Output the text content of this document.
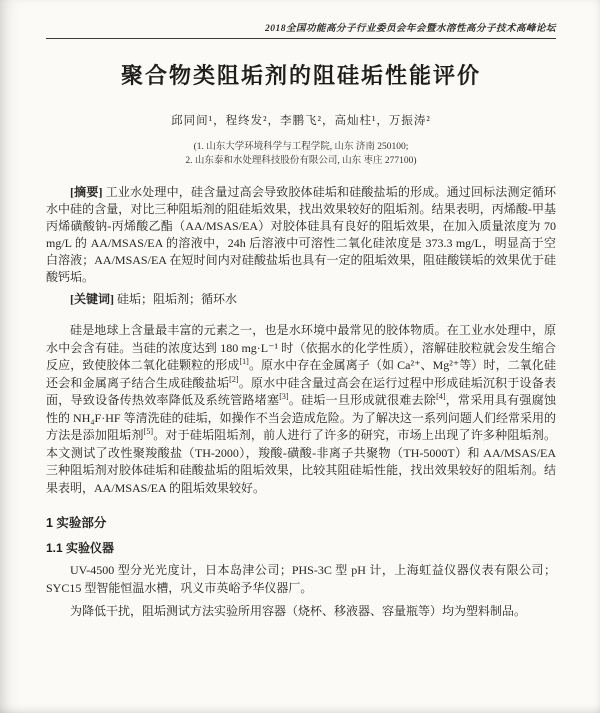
2018全国功能高分子行业委员会年会暨水溶性高分子技术高峰论坛
聚合物类阻垢剂的阻硅垢性能评价
邱同间¹，程终发²，李鹏飞²，高灿柱¹，万振涛²
(1. 山东大学环境科学与工程学院, 山东 济南 250100;
2. 山东泰和水处理科技股份有限公司, 山东 枣庄 277100)

[摘要] 工业水处理中，硅含量过高会导致胶体硅垢和硅酸盐垢的形成。通过回标法测定循环水中硅的含量，对比三种阻垢剂的阻硅垢效果，找出效果较好的阻垢剂。结果表明，丙烯酸-甲基丙烯磺酸钠-丙烯酸乙酯（AA/MSAS/EA）对胶体硅具有良好的阻垢效果，在加入质量浓度为 70 mg/L 的 AA/MSAS/EA 的溶液中，24h 后溶液中可溶性二氧化硅浓度是 373.3 mg/L，明显高于空白溶液；AA/MSAS/EA 在短时间内对硅酸盐垢也具有一定的阻垢效果，阻硅酸镁垢的效果优于硅酸钙垢。

[关键词] 硅垢；阻垢剂；循环水

硅是地球上含量最丰富的元素之一，也是水环境中最常见的胶体物质。在工业水处理中，原水中会含有硅。当硅的浓度达到 180 mg·L⁻¹ 时（依据水的化学性质），溶解硅胶粒就会发生缩合反应，致使胶体二氧化硅颗粒的形成[1]。原水中存在金属离子（如 Ca²⁺、Mg²⁺等）时，二氧化硅还会和金属离子结合生成硅酸盐垢[2]。原水中硅含量过高会在运行过程中形成硅垢沉积于设备表面，导致设备传热效率降低及系统管路堵塞[3]。硅垢一旦形成就很难去除[4]，常采用具有强腐蚀性的 NH₄F·HF 等清洗硅的硅垢，如操作不当会造成危险。为了解决这一系列问题人们经常采用的方法是添加阻垢剂[5]。对于硅垢阻垢剂，前人进行了许多的研究，市场上出现了许多种阻垢剂。本文测试了改性聚羧酸盐（TH-2000），羧酸-磺酸-非离子共聚物（TH-5000T）和 AA/MSAS/EA 三种阻垢剂对胶体硅垢和硅酸盐垢的阻垢效果，比较其阻硅垢性能，找出效果较好的阻垢剂。结果表明，AA/MSAS/EA 的阻垢效果较好。

1 实验部分
1.1 实验仪器

UV-4500 型分光光度计，日本岛津公司；PHS-3C 型 pH 计，上海虹益仪器仪表有限公司；SYC15 型智能恒温水槽，巩义市英峪予华仪器厂。

为降低干扰，阻垢测试方法实验所用容器（烧杯、移液器、容量瓶等）均为塑料制品。
